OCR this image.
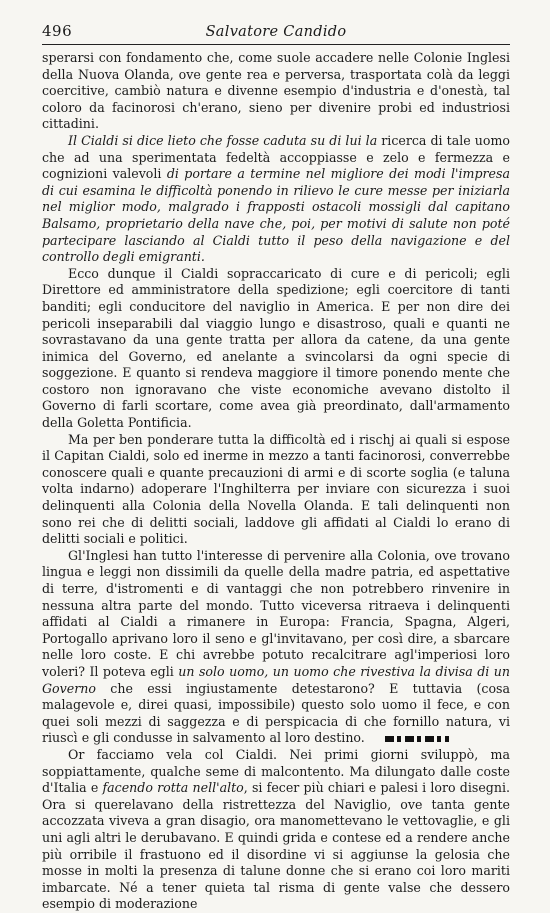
496	Salvatore Candido

sperarsi con fondamento che, come suole accadere nelle Colonie Inglesi della Nuova Olanda, ove gente rea e perversa, trasportata colà da leggi coercitive, cambiò natura e divenne esempio d'industria e d'onestà, tal coloro da facinorosi ch'erano, sieno per divenire probi ed industriosi cittadini.

Il Cialdi si dice lieto che fosse caduta su di lui la ricerca di tale uomo che ad una sperimentata fedeltà accoppiasse e zelo e fermezza e cognizioni valevoli di portare a termine nel migliore dei modi l'impresa di cui esamina le difficoltà ponendo in rilievo le cure messe per iniziarla nel miglior modo, malgrado i frapposti ostacoli mossigli dal capitano Balsamo, proprietario della nave che, poi, per motivi di salute non poté partecipare lasciando al Cialdi tutto il peso della navigazione e del controllo degli emigranti.

Ecco dunque il Cialdi sopraccaricato di cure e di pericoli; egli Direttore ed amministratore della spedizione; egli coercitore di tanti banditi; egli conducitore del naviglio in America. E per non dire dei pericoli inseparabili dal viaggio lungo e disastroso, quali e quanti ne sovrastavano da una gente tratta per allora da catene, da una gente inimica del Governo, ed anelante a svincolarsi da ogni specie di soggezione. E quanto si rendeva maggiore il timore ponendo mente che costoro non ignoravano che viste economiche avevano distolto il Governo di farli scortare, come avea già preordinato, dall'armamento della Goletta Pontificia.

Ma per ben ponderare tutta la difficoltà ed i rischj ai quali si espose il Capitan Cialdi, solo ed inerme in mezzo a tanti facinorosi, converrebbe conoscere quali e quante precauzioni di armi e di scorte soglia (e taluna volta indarno) adoperare l'Inghilterra per inviare con sicurezza i suoi delinquenti alla Colonia della Novella Olanda. E tali delinquenti non sono rei che di delitti sociali, laddove gli affidati al Cialdi lo erano di delitti sociali e politici.

Gl'Inglesi han tutto l'interesse di pervenire alla Colonia, ove trovano lingua e leggi non dissimili da quelle della madre patria, ed aspettative di terre, d'istromenti e di vantaggi che non potrebbero rinvenire in nessuna altra parte del mondo. Tutto viceversa ritraeva i delinquenti affidati al Cialdi a rimanere in Europa: Francia, Spagna, Algeri, Portogallo aprivano loro il seno e gl'invitavano, per così dire, a sbarcare nelle loro coste. E chi avrebbe potuto recalcitrare agl'imperiosi loro voleri? Il poteva egli un solo uomo, un uomo che rivestiva la divisa di un Governo che essi ingiustamente detestarono? E tuttavia (cosa malagevole e, direi quasi, impossibile) questo solo uomo il fece, e con quei soli mezzi di saggezza e di perspicacia di che fornillo natura, vi riuscì e gli condusse in salvamento al loro destino.

Or facciamo vela col Cialdi. Nei primi giorni sviluppò, ma soppiattamente, qualche seme di malcontento. Ma dilungato dalle coste d'Italia e facendo rotta nell'alto, si fecer più chiari e palesi i loro disegni. Ora si querelavano della ristrettezza del Naviglio, ove tanta gente accozzata viveva a gran disagio, ora manomettevano le vettovaglie, e gli uni agli altri le derubavano. E quindi grida e contese ed a rendere anche più orribile il frastuono ed il disordine vi si aggiunse la gelosia che mosse in molti la presenza di talune donne che si erano coi loro mariti imbarcate. Né a tener quieta tal risma di gente valse che dessero esempio di moderazione
